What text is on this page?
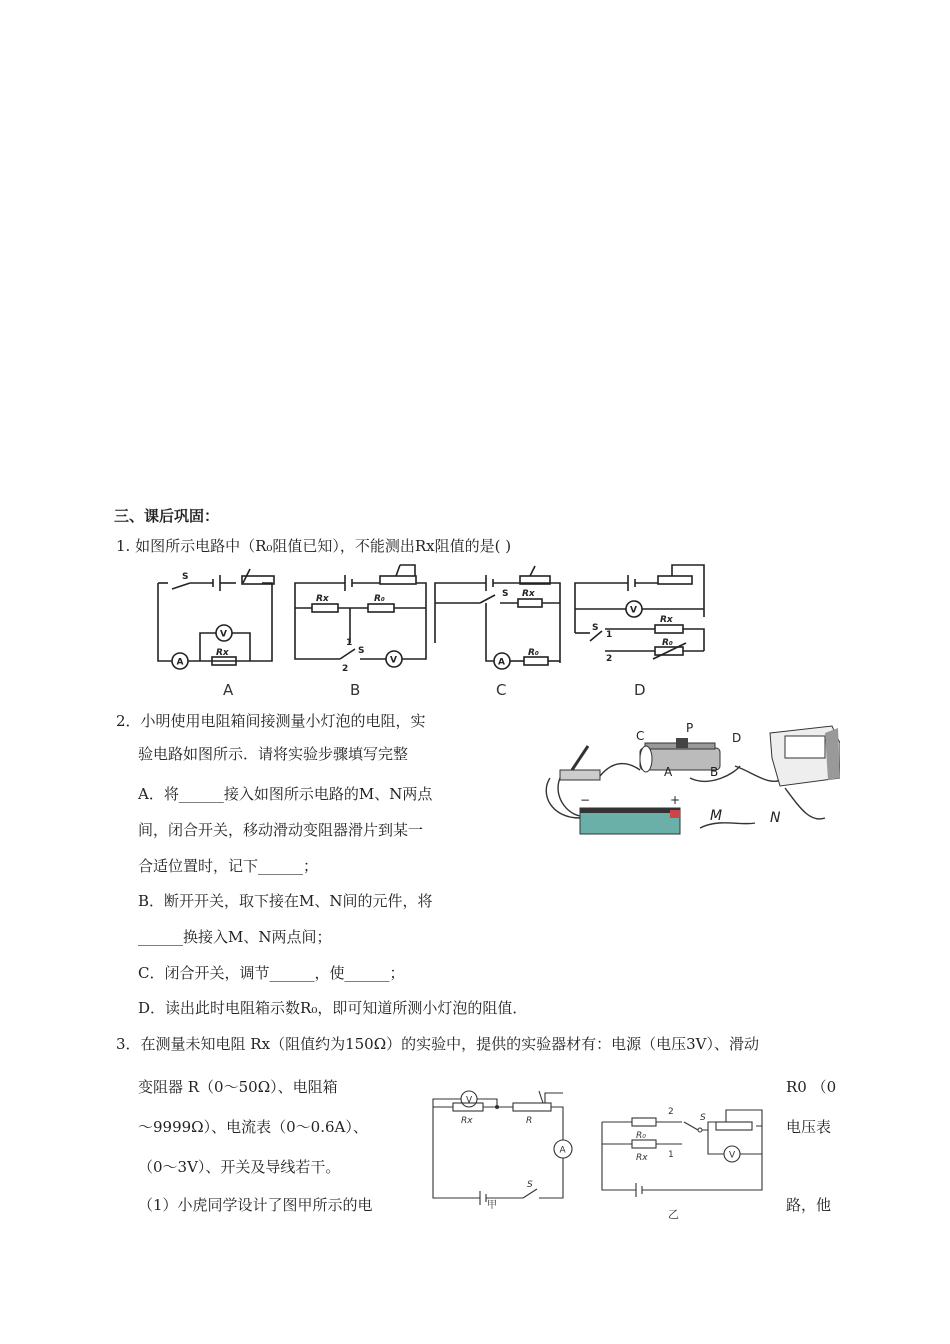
三、课后巩固：
1. 如图所示电路中（R₀阻值已知），不能测出Rx阻值的是( )
S
A
V
Rx
Rx	R₀
1
S
2
V
S Rx
A
R₀
V
Rx
S
1
2
R₀
A	B	C	D
2．小明使用电阻箱间接测量小灯泡的电阻，实
验电路如图所示．请将实验步骤填写完整
A．将______接入如图所示电路的M、N两点
间，闭合开关，移动滑动变阻器滑片到某一
合适位置时，记下______；
B．断开开关，取下接在M、N间的元件，将
______换接入M、N两点间；
C．闭合开关，调节______，使______；
D．读出此时电阻箱示数R₀，即可知道所测小灯泡的阻值．
C
P
D
A	B
−	+
M	N
3．在测量未知电阻 Rx（阻值约为150Ω）的实验中，提供的实验器材有：电源（电压3V）、滑动
变阻器 R（0～50Ω）、电阻箱	R0 （0
～9999Ω）、电流表（0～0.6A）、	电压表
（0～3V）、开关及导线若干。
（1）小虎同学设计了图甲所示的电	路，他
V
A
Rx	R
S
甲
2
1
S
R₀
Rx	V
乙
